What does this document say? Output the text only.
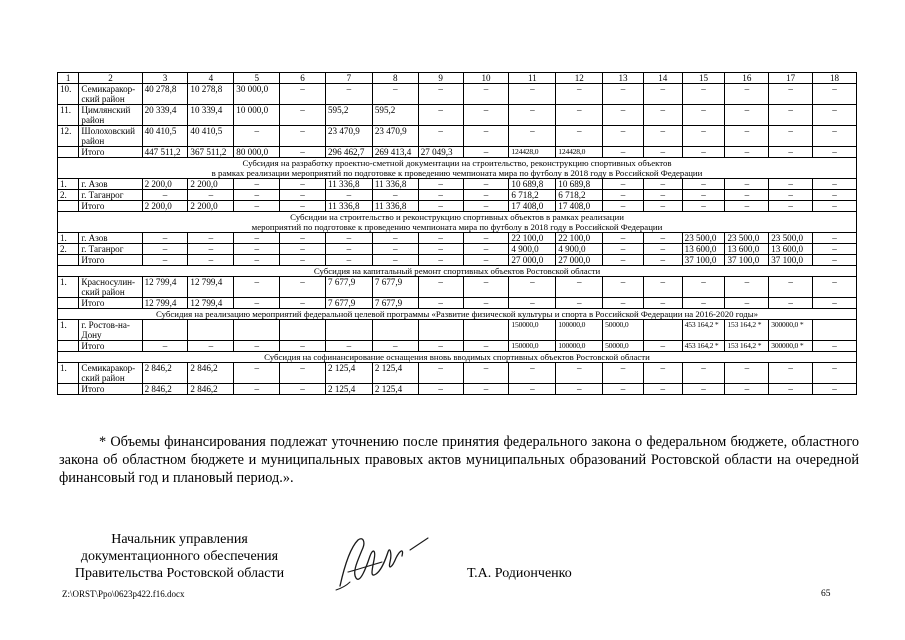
1	2	3	4	5	6	7	8	9	10	11	12	13	14	15	16	17	18
10.	Семикаракор-ский район	40 278,8	10 278,8	30 000,0	–	–	–	–	–	–	–	–	–	–	–	–	–
11.	Цимлянский район	20 339,4	10 339,4	10 000,0	–	595,2	595,2	–	–	–	–	–	–	–	–	–	–
12.	Шолоховский район	40 410,5	40 410,5	–	–	23 470,9	23 470,9	–	–	–	–	–	–	–	–	–	–
	Итого	447 511,2	367 511,2	80 000,0	–	296 462,7	269 413,4	27 049,3	–	124428,0	124428,0	–	–	–	–	–	–

Субсидия на разработку проектно-сметной документации на строительство, реконструкцию спортивных объектов
в рамках реализации мероприятий по подготовке к проведению чемпионата мира по футболу в 2018 году в Российской Федерации																	

1.	г. Азов	2 200,0	2 200,0	–	–	11 336,8	11 336,8	–	–	10 689,8	10 689,8	–	–	–	–	–	–
2.	г. Таганрог	–	–	–	–	–	–	–	–	6 718,2	6 718,2	–	–	–	–	–	–
	Итого	2 200,0	2 200,0	–	–	11 336,8	11 336,8	–	–	17 408,0	17 408,0	–	–	–	–	–	–

Субсидии на строительство и реконструкцию спортивных объектов в рамках реализации
мероприятий по подготовке к проведению чемпионата мира по футболу в 2018 году в Российской Федерации																	

1.	г. Азов	–	–	–	–	–	–	–	–	22 100,0	22 100,0	–	–	23 500,0	23 500,0	23 500,0	–
2.	г. Таганрог	–	–	–	–	–	–	–	–	4 900,0	4 900,0	–	–	13 600,0	13 600,0	13 600,0	–
	Итого	–	–	–	–	–	–	–	–	27 000,0	27 000,0	–	–	37 100,0	37 100,0	37 100,0	–

Субсидия на капитальный ремонт спортивных объектов Ростовской области																	

1.	Красносулин-ский район	12 799,4	12 799,4	–	–	7 677,9	7 677,9	–	–	–	–	–	–	–	–	–	–
	Итого	12 799,4	12 799,4	–	–	7 677,9	7 677,9	–	–	–	–	–	–	–	–	–	–

Субсидия на реализацию мероприятий федеральной целевой программы «Развитие физической культуры и спорта в Российской Федерации на 2016-2020 годы»																	

1.	г. Ростов-на-Дону									150000,0	100000,0	50000,0		453 164,2 *	153 164,2 *	300000,0 *	
	Итого	–	–	–	–	–	–	–	–	150000,0	100000,0	50000,0	–	453 164,2 *	153 164,2 *	300000,0 *	–

Субсидия на софинансирование оснащения вновь вводимых спортивных объектов Ростовской области																	

1.	Семикаракор-ский район	2 846,2	2 846,2	–	–	2 125,4	2 125,4	–	–	–	–	–	–	–	–	–	–
	Итого	2 846,2	2 846,2	–	–	2 125,4	2 125,4	–	–	–	–	–	–	–	–	–	–

* Объемы финансирования подлежат уточнению после принятия федерального закона о федеральном бюджете, областного закона об областном бюджете и муниципальных правовых актов муниципальных образований Ростовской области на очередной финансовый год и плановый период.».

Начальник управления
документационного обеспечения
Правительства Ростовской области	Т.А. Родионченко
Z:\ORST\Ppo\0623p422.f16.docx	65
